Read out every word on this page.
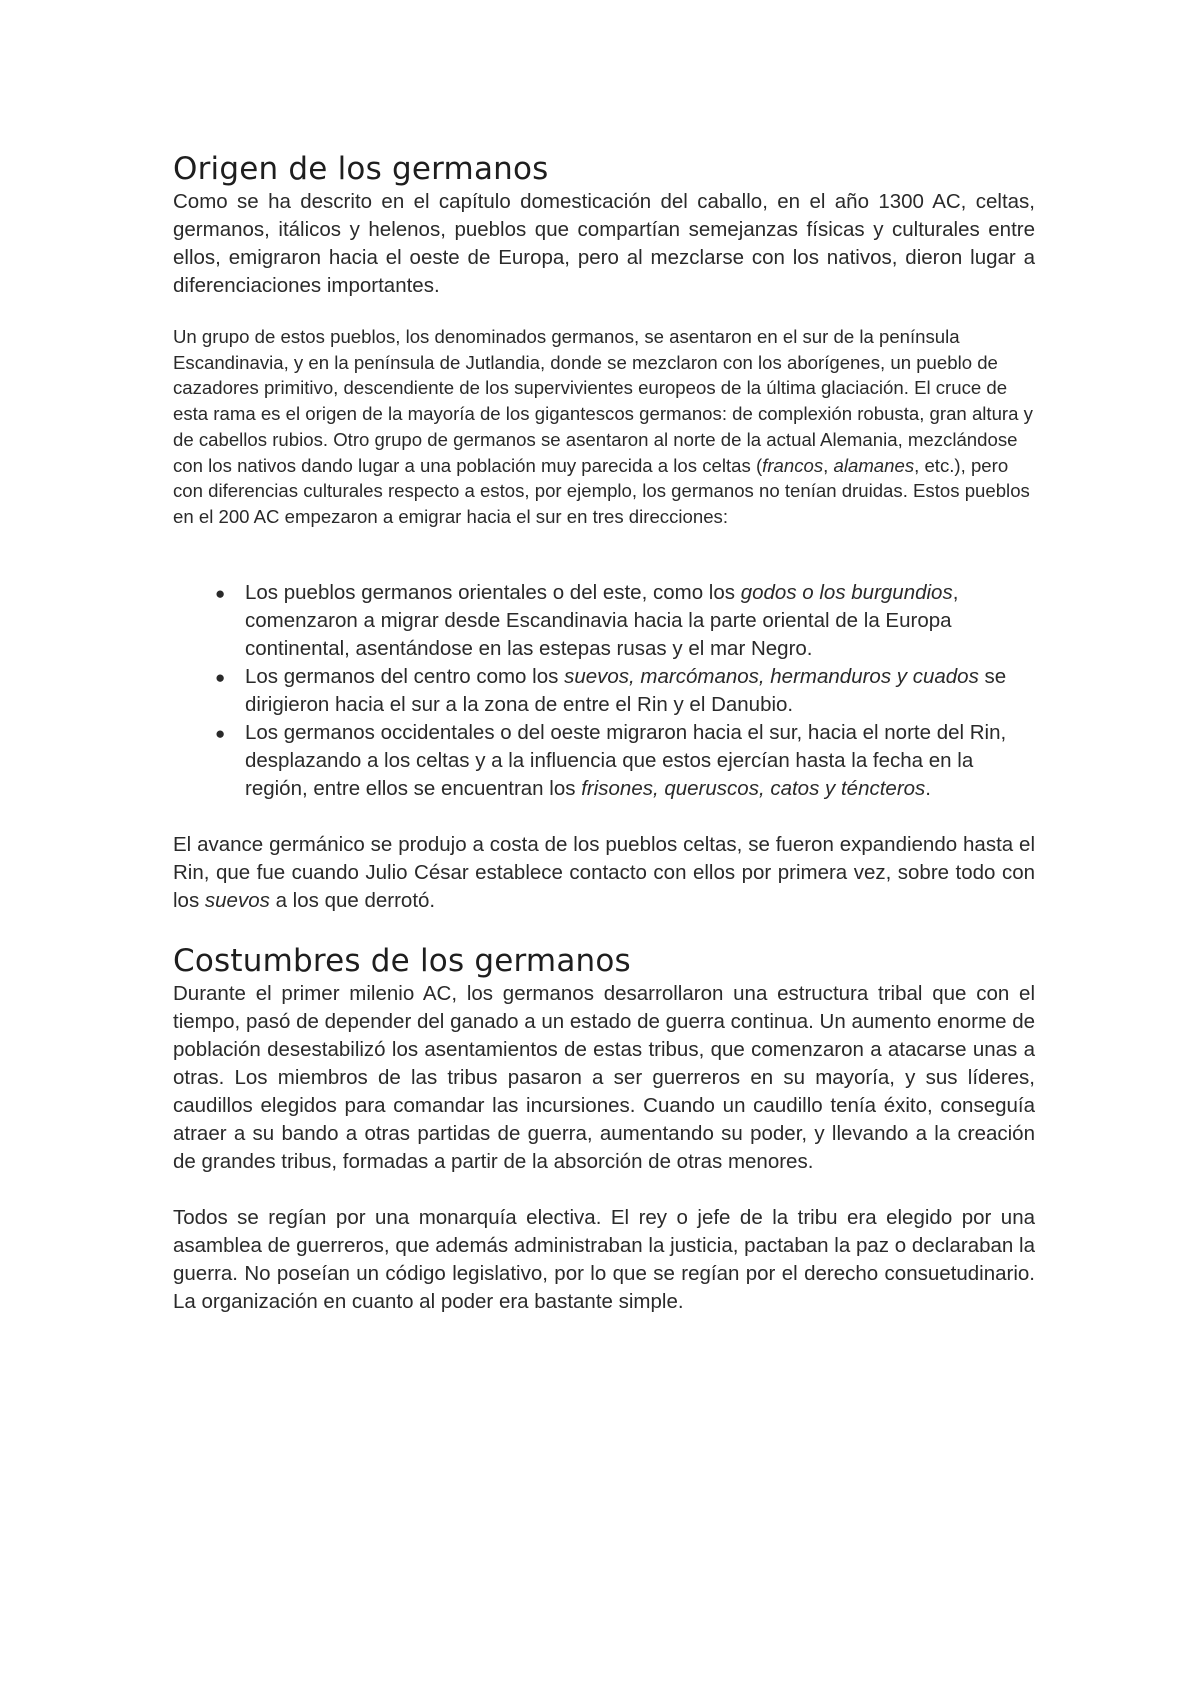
Origen de los germanos

Como se ha descrito en el capítulo domesticación del caballo, en el año 1300 AC, celtas, germanos, itálicos y helenos, pueblos que compartían semejanzas físicas y culturales entre ellos, emigraron hacia el oeste de Europa, pero al mezclarse con los nativos, dieron lugar a diferenciaciones importantes.

Un grupo de estos pueblos, los denominados germanos, se asentaron en el sur de la península Escandinavia, y en la península de Jutlandia, donde se mezclaron con los aborígenes, un pueblo de cazadores primitivo, descendiente de los supervivientes europeos de la última glaciación. El cruce de esta rama es el origen de la mayoría de los gigantescos germanos: de complexión robusta, gran altura y de cabellos rubios. Otro grupo de germanos se asentaron al norte de la actual Alemania, mezclándose con los nativos dando lugar a una población muy parecida a los celtas (francos, alamanes, etc.), pero con diferencias culturales respecto a estos, por ejemplo, los germanos no tenían druidas. Estos pueblos en el 200 AC empezaron a emigrar hacia el sur en tres direcciones:

● Los pueblos germanos orientales o del este, como los godos o los burgundios, comenzaron a migrar desde Escandinavia hacia la parte oriental de la Europa continental, asentándose en las estepas rusas y el mar Negro.
● Los germanos del centro como los suevos, marcómanos, hermanduros y cuados se dirigieron hacia el sur a la zona de entre el Rin y el Danubio.
● Los germanos occidentales o del oeste migraron hacia el sur, hacia el norte del Rin, desplazando a los celtas y a la influencia que estos ejercían hasta la fecha en la región, entre ellos se encuentran los frisones, queruscos, catos y téncteros.

El avance germánico se produjo a costa de los pueblos celtas, se fueron expandiendo hasta el Rin, que fue cuando Julio César establece contacto con ellos por primera vez, sobre todo con los suevos a los que derrotó.

Costumbres de los germanos

Durante el primer milenio AC, los germanos desarrollaron una estructura tribal que con el tiempo, pasó de depender del ganado a un estado de guerra continua. Un aumento enorme de población desestabilizó los asentamientos de estas tribus, que comenzaron a atacarse unas a otras. Los miembros de las tribus pasaron a ser guerreros en su mayoría, y sus líderes, caudillos elegidos para comandar las incursiones. Cuando un caudillo tenía éxito, conseguía atraer a su bando a otras partidas de guerra, aumentando su poder, y llevando a la creación de grandes tribus, formadas a partir de la absorción de otras menores.

Todos se regían por una monarquía electiva. El rey o jefe de la tribu era elegido por una asamblea de guerreros, que además administraban la justicia, pactaban la paz o declaraban la guerra. No poseían un código legislativo, por lo que se regían por el derecho consuetudinario. La organización en cuanto al poder era bastante simple.
